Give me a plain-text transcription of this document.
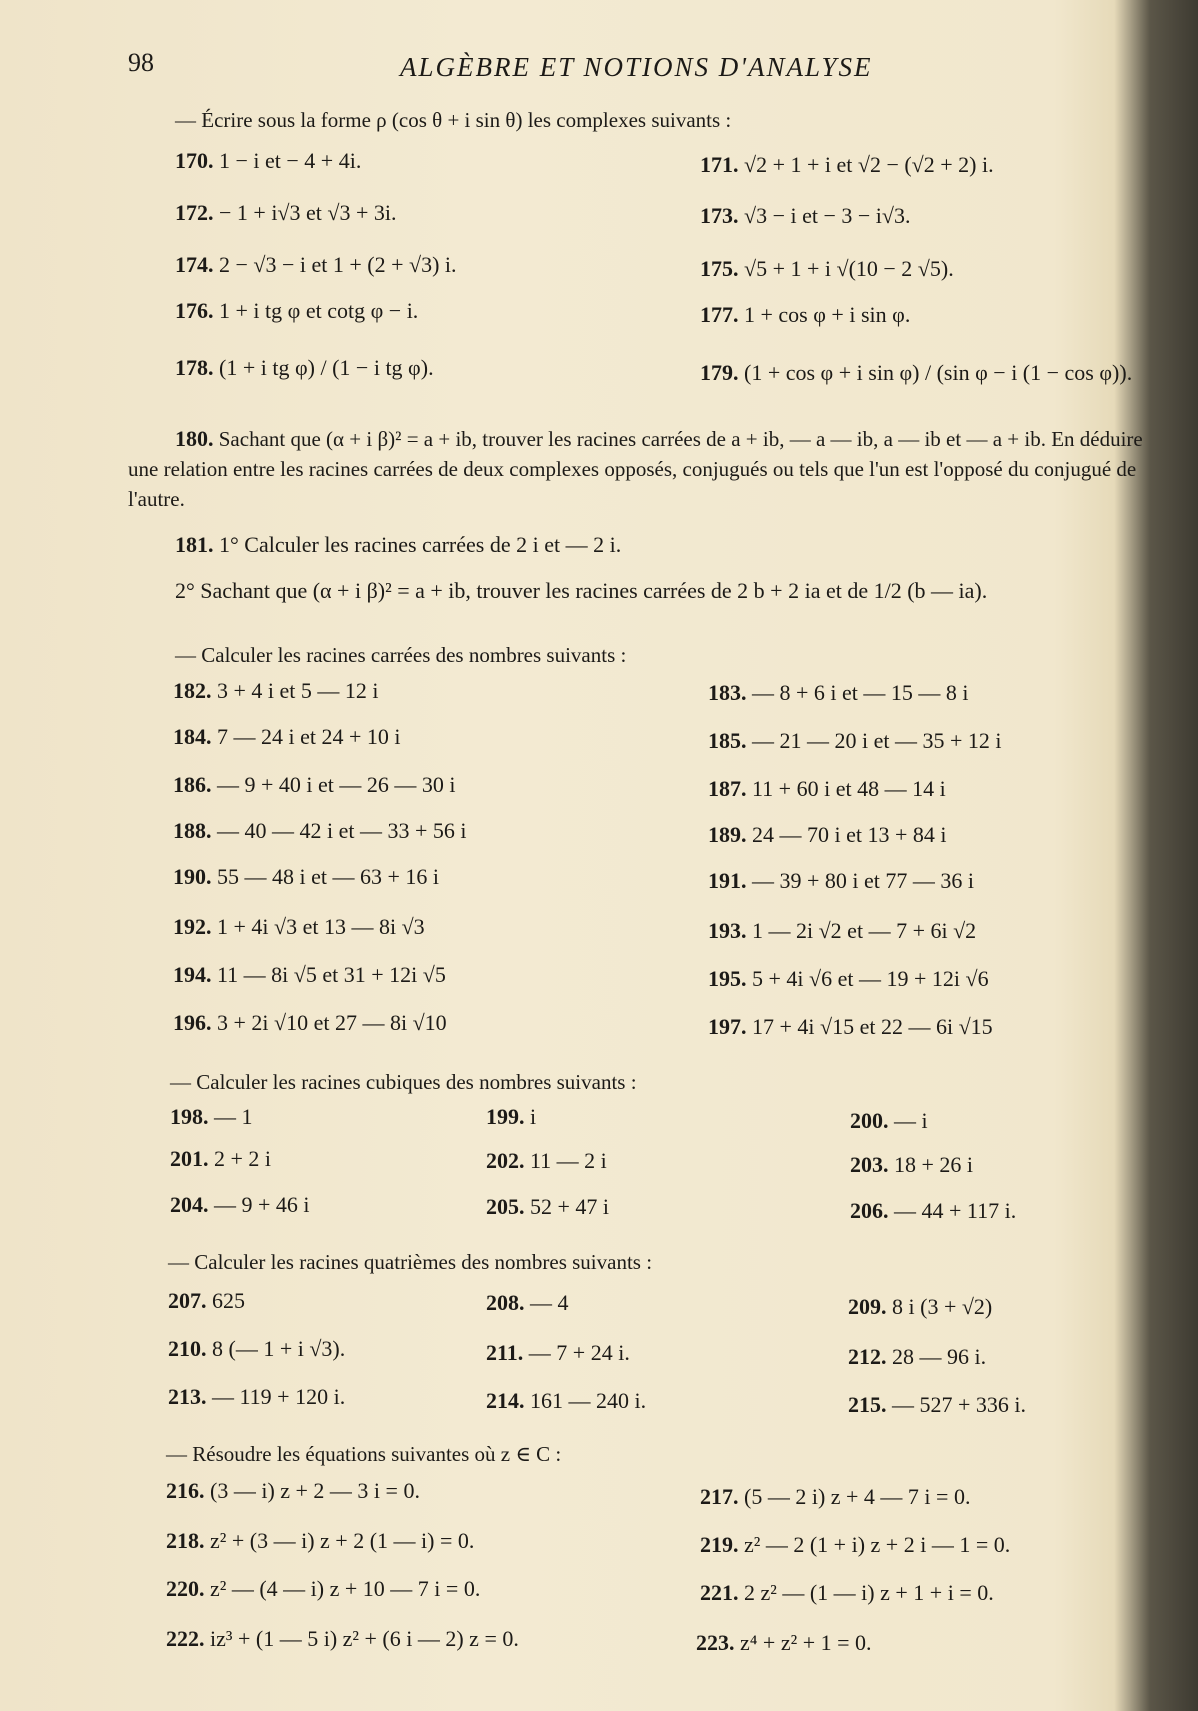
98	ALGÈBRE ET NOTIONS D'ANALYSE
— Écrire sous la forme ρ (cos θ + i sin θ) les complexes suivants :
170. 1 − i et − 4 + 4i.	171. √2 + 1 + i et √2 − (√2 + 2) i.
172. − 1 + i√3 et √3 + 3i.	173. √3 − i et − 3 − i√3.
174. 2 − √3 − i et 1 + (2 + √3) i.	175. √5 + 1 + i √(10 − 2 √5).
176. 1 + i tg φ et cotg φ − i.	177. 1 + cos φ + i sin φ.
178. (1 + i tg φ) / (1 − i tg φ).	179. (1 + cos φ + i sin φ) / (sin φ − i (1 − cos φ)).
180. Sachant que (α + i β)² = a + ib, trouver les racines carrées de a + ib, — a — ib, a — ib et — a + ib. En déduire une relation entre les racines carrées de deux complexes opposés, conjugués ou tels que l'un est l'opposé du conjugué de l'autre.
181. 1° Calculer les racines carrées de 2 i et — 2 i.
2° Sachant que (α + i β)² = a + ib, trouver les racines carrées de 2 b + 2 ia et de 1/2 (b — ia).
— Calculer les racines carrées des nombres suivants :
182. 3 + 4 i et 5 — 12 i	183. — 8 + 6 i et — 15 — 8 i
184. 7 — 24 i et 24 + 10 i	185. — 21 — 20 i et — 35 + 12 i
186. — 9 + 40 i et — 26 — 30 i	187. 11 + 60 i et 48 — 14 i
188. — 40 — 42 i et — 33 + 56 i	189. 24 — 70 i et 13 + 84 i
190. 55 — 48 i et — 63 + 16 i	191. — 39 + 80 i et 77 — 36 i
192. 1 + 4i √3 et 13 — 8i √3	193. 1 — 2i √2 et — 7 + 6i √2
194. 11 — 8i √5 et 31 + 12i √5	195. 5 + 4i √6 et — 19 + 12i √6
196. 3 + 2i √10 et 27 — 8i √10	197. 17 + 4i √15 et 22 — 6i √15
— Calculer les racines cubiques des nombres suivants :
198. — 1	199. i	200. — i
201. 2 + 2 i	202. 11 — 2 i	203. 18 + 26 i
204. — 9 + 46 i	205. 52 + 47 i	206. — 44 + 117 i.
— Calculer les racines quatrièmes des nombres suivants :
207. 625	208. — 4	209. 8 i (3 + √2)
210. 8 (— 1 + i √3).	211. — 7 + 24 i.	212. 28 — 96 i.
213. — 119 + 120 i.	214. 161 — 240 i.	215. — 527 + 336 i.
— Résoudre les équations suivantes où z ∈ C :
216. (3 — i) z + 2 — 3 i = 0.	217. (5 — 2 i) z + 4 — 7 i = 0.
218. z² + (3 — i) z + 2 (1 — i) = 0.	219. z² — 2 (1 + i) z + 2 i — 1 = 0.
220. z² — (4 — i) z + 10 — 7 i = 0.	221. 2 z² — (1 — i) z + 1 + i = 0.
222. iz³ + (1 — 5 i) z² + (6 i — 2) z = 0.	223. z⁴ + z² + 1 = 0.
